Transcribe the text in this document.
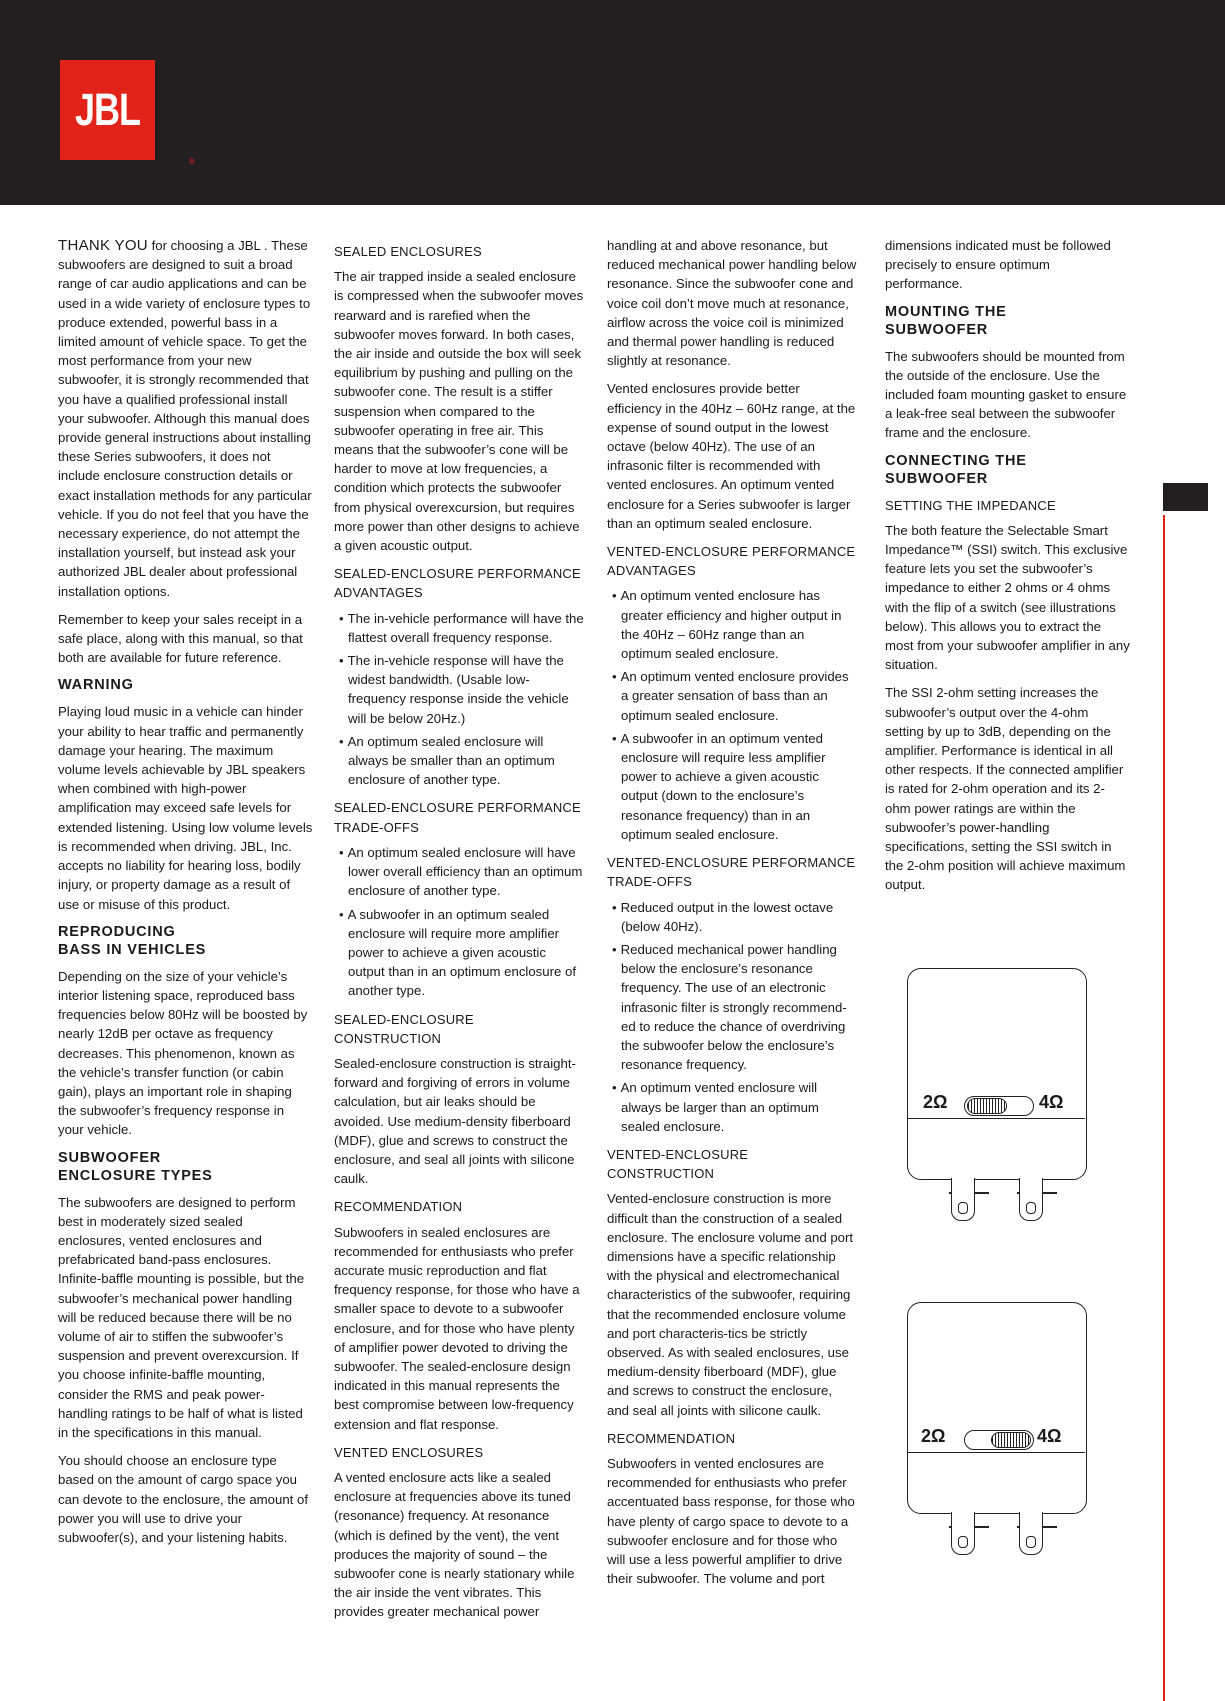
JBL
®

THANK YOU for choosing a JBL . These subwoofers are designed to suit a broad range of car audio applications and can be used in a wide variety of enclosure types to produce extended, powerful bass in a limited amount of vehicle space. To get the most performance from your new subwoofer, it is strongly recommended that you have a qualified professional install your subwoofer. Although this manual does provide general instructions about installing these Series subwoofers, it does not include enclosure construction details or exact installation methods for any particular vehicle. If you do not feel that you have the necessary experience, do not attempt the installation yourself, but instead ask your authorized JBL dealer about professional installation options.

Remember to keep your sales receipt in a safe place, along with this manual, so that both are available for future reference.

WARNING

Playing loud music in a vehicle can hinder your ability to hear traffic and permanently damage your hearing. The maximum volume levels achievable by JBL speakers when combined with high-power amplification may exceed safe levels for extended listening. Using low volume levels is recommended when driving. JBL, Inc. accepts no liability for hearing loss, bodily injury, or property damage as a result of use or misuse of this product.

REPRODUCING
BASS IN VEHICLES

Depending on the size of your vehicle’s interior listening space, reproduced bass frequencies below 80Hz will be boosted by nearly 12dB per octave as frequency decreases. This phenomenon, known as the vehicle’s transfer function (or cabin gain), plays an important role in shaping the subwoofer’s frequency response in your vehicle.

SUBWOOFER
ENCLOSURE TYPES

The subwoofers are designed to perform best in moderately sized sealed enclosures, vented enclosures and prefabricated band-pass enclosures. Infinite-baffle mounting is possible, but the subwoofer’s mechanical power handling will be reduced because there will be no volume of air to stiffen the subwoofer’s suspension and prevent overexcursion. If you choose infinite-baffle mounting, consider the RMS and peak power-handling ratings to be half of what is listed in the specifications in this manual.

You should choose an enclosure type based on the amount of cargo space you can devote to the enclosure, the amount of power you will use to drive your subwoofer(s), and your listening habits.

SEALED ENCLOSURES

The air trapped inside a sealed enclosure is compressed when the subwoofer moves rearward and is rarefied when the subwoofer moves forward. In both cases, the air inside and outside the box will seek equilibrium by pushing and pulling on the subwoofer cone. The result is a stiffer suspension when compared to the subwoofer operating in free air. This means that the subwoofer’s cone will be harder to move at low frequencies, a condition which protects the subwoofer from physical overexcursion, but requires more power than other designs to achieve a given acoustic output.

SEALED-ENCLOSURE PERFORMANCE
ADVANTAGES
• The in-vehicle performance will have the flattest overall frequency response.
• The in-vehicle response will have the widest bandwidth. (Usable low-frequency response inside the vehicle will be below 20Hz.)
• An optimum sealed enclosure will always be smaller than an optimum enclosure of another type.
SEALED-ENCLOSURE PERFORMANCE
TRADE-OFFS
• An optimum sealed enclosure will have lower overall efficiency than an optimum enclosure of another type.
• A subwoofer in an optimum sealed enclosure will require more amplifier power to achieve a given acoustic output than in an optimum enclosure of another type.
SEALED-ENCLOSURE CONSTRUCTION

Sealed-enclosure construction is straight-forward and forgiving of errors in volume calculation, but air leaks should be avoided. Use medium-density fiberboard (MDF), glue and screws to construct the enclosure, and seal all joints with silicone caulk.

RECOMMENDATION

Subwoofers in sealed enclosures are recommended for enthusiasts who prefer accurate music reproduction and flat frequency response, for those who have a smaller space to devote to a subwoofer enclosure, and for those who have plenty of amplifier power devoted to driving the subwoofer. The sealed-enclosure design indicated in this manual represents the best compromise between low-frequency extension and flat response.

VENTED ENCLOSURES

A vented enclosure acts like a sealed enclosure at frequencies above its tuned (resonance) frequency. At resonance (which is defined by the vent), the vent produces the majority of sound – the subwoofer cone is nearly stationary while the air inside the vent vibrates. This provides greater mechanical power

handling at and above resonance, but reduced mechanical power handling below resonance. Since the subwoofer cone and voice coil don’t move much at resonance, airflow across the voice coil is minimized and thermal power handling is reduced slightly at resonance.

Vented enclosures provide better efficiency in the 40Hz – 60Hz range, at the expense of sound output in the lowest octave (below 40Hz). The use of an infrasonic filter is recommended with vented enclosures. An optimum vented enclosure for a Series subwoofer is larger than an optimum sealed enclosure.

VENTED-ENCLOSURE PERFORMANCE
ADVANTAGES
• An optimum vented enclosure has greater efficiency and higher output in the 40Hz – 60Hz range than an optimum sealed enclosure.
• An optimum vented enclosure provides a greater sensation of bass than an optimum sealed enclosure.
• A subwoofer in an optimum vented enclosure will require less amplifier power to achieve a given acoustic output (down to the enclosure’s resonance frequency) than in an optimum sealed enclosure.
VENTED-ENCLOSURE PERFORMANCE
TRADE-OFFS
• Reduced output in the lowest octave (below 40Hz).
• Reduced mechanical power handling below the enclosure’s resonance frequency. The use of an electronic infrasonic filter is strongly recommend-ed to reduce the chance of overdriving the subwoofer below the enclosure’s resonance frequency.
• An optimum vented enclosure will always be larger than an optimum sealed enclosure.
VENTED-ENCLOSURE CONSTRUCTION

Vented-enclosure construction is more difficult than the construction of a sealed enclosure. The enclosure volume and port dimensions have a specific relationship with the physical and electromechanical characteristics of the subwoofer, requiring that the recommended enclosure volume and port characteris-tics be strictly observed. As with sealed enclosures, use medium-density fiberboard (MDF), glue and screws to construct the enclosure, and seal all joints with silicone caulk.

RECOMMENDATION

Subwoofers in vented enclosures are recommended for enthusiasts who prefer accentuated bass response, for those who have plenty of cargo space to devote to a subwoofer enclosure and for those who will use a less powerful amplifier to drive their subwoofer. The volume and port

dimensions indicated must be followed precisely to ensure optimum performance.

MOUNTING THE
SUBWOOFER

The subwoofers should be mounted from the outside of the enclosure. Use the included foam mounting gasket to ensure a leak-free seal between the subwoofer frame and the enclosure.

CONNECTING THE
SUBWOOFER
SETTING THE IMPEDANCE

The both feature the Selectable Smart Impedance™ (SSI) switch. This exclusive feature lets you set the subwoofer’s impedance to either 2 ohms or 4 ohms with the flip of a switch (see illustrations below). This allows you to extract the most from your subwoofer amplifier in any situation.

The SSI 2-ohm setting increases the subwoofer’s output over the 4-ohm setting by up to 3dB, depending on the amplifier. Performance is identical in all other respects. If the connected amplifier is rated for 2-ohm operation and its 2-ohm power ratings are within the subwoofer’s power-handling specifications, setting the SSI switch in the 2-ohm position will achieve maximum output.

2Ω	4Ω
2Ω	4Ω
